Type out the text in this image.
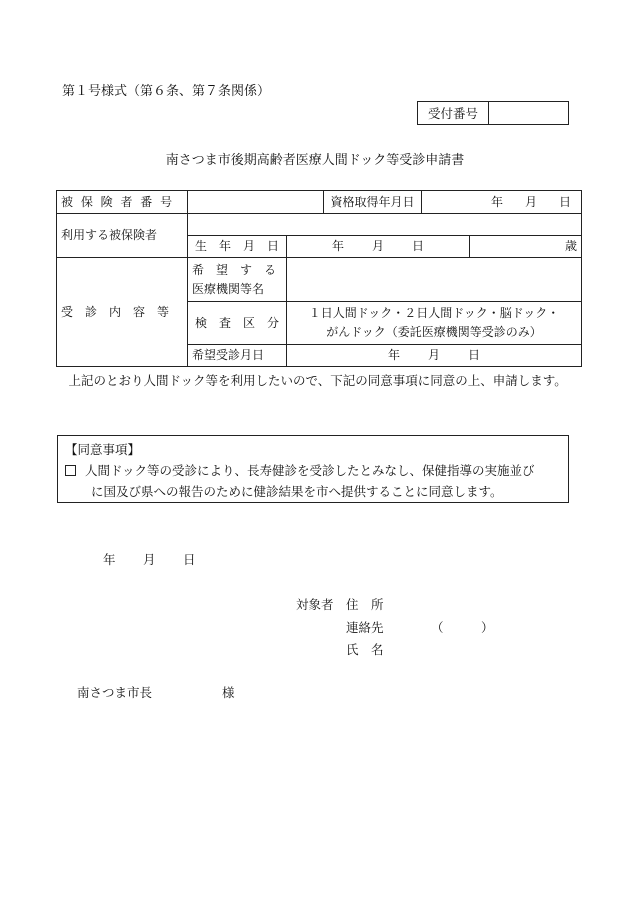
第１号様式（第６条、第７条関係）
受付番号
南さつま市後期高齢者医療人間ドック等受診申請書
被 保 険 者 番 号			資格取得年月日	年 月 日	

利用する被保険者					
	生　年　月　日	年 月 日			歳
受　診　内　容　等	希　望　す　る
医療機関等名				

	検　査　区　分	１日人間ドック・２日人間ドック・脳ドック・
がんドック（委託医療機関等受診のみ）			

	希望受診月日	年 月 日			
上記のとおり人間ドック等を利用したいので、下記の同意事項に同意の上、申請します。
【同意事項】
人間ドック等の受診により、長寿健診を受診したとみなし、保健指導の実施並び
に国及び県への報告のために健診結果を市へ提供することに同意します。
年	月	日
対象者 住　所
連絡先	（　　　）
氏　名
南さつま市長	様
